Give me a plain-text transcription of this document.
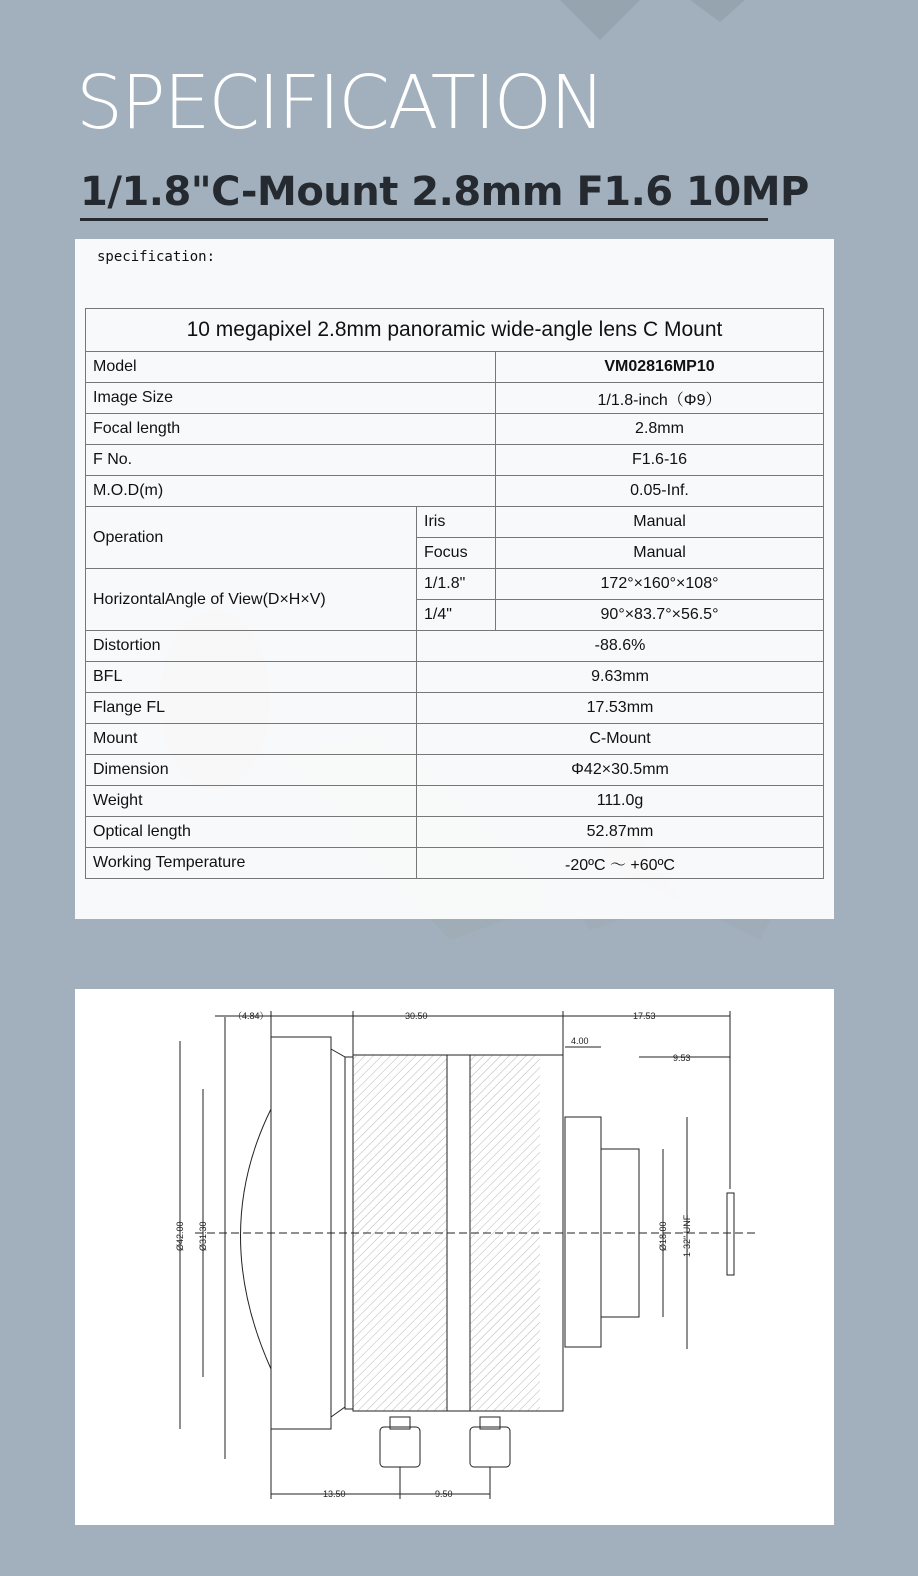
SPECIFICATION
1/1.8"C-Mount 2.8mm F1.6 10MP
specification:
10 megapixel 2.8mm panoramic wide-angle lens C Mount		
Model		VM02816MP10
Image Size		1/1.8-inch（Φ9）
Focal length		2.8mm
F No.		F1.6-16
M.O.D(m)		0.05-Inf.
Operation	Iris	Manual
	Focus	Manual
HorizontalAngle of View(D×H×V)	1/1.8"	172°×160°×108°
	1/4"	90°×83.7°×56.5°
Distortion	-88.6%	
BFL	9.63mm	
Flange FL	17.53mm	
Mount	C-Mount	
Dimension	Φ42×30.5mm	
Weight	111.0g	
Optical length	52.87mm	
Working Temperature	-20ºC ～ +60ºC	
（4.84）	30.50	17.53
4.00
9.53
Ø42.00 Ø31.30	Ø18.00 1-32" UNF
13.50	9.50
